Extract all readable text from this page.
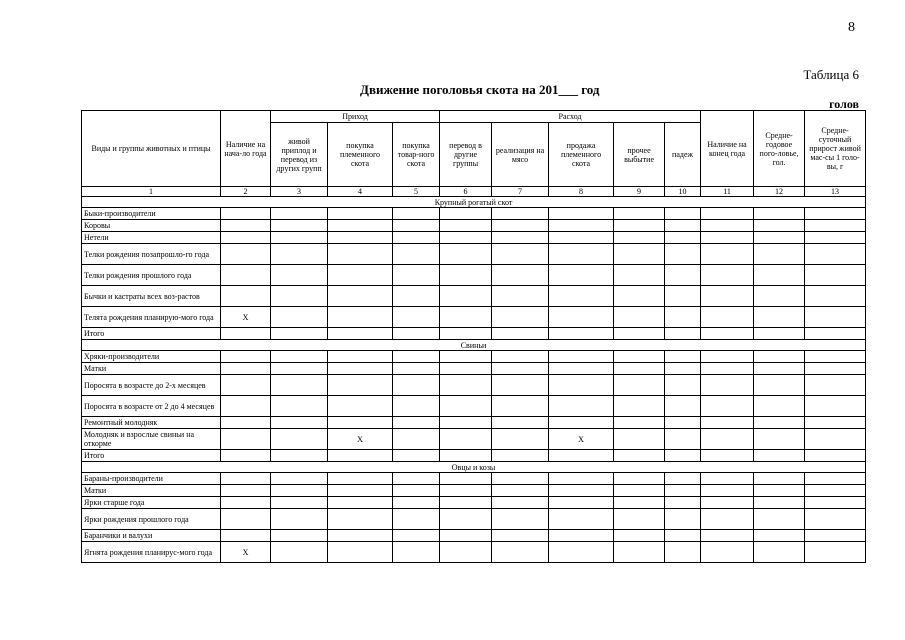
8
Таблица 6
Движение поголовья скота на 201___ год
голов
Виды и группы животных и птицы	Наличие на нача-ло года	Приход			Расход					Наличие на конец года	Средне-годовое пого-ловье, гол.	Средне-суточный прирост живой мас-сы 1 голо-вы, г
		живой приплод и перевод из других групп	покупка племенного скота	покупка товар-ного скота	перевод в другие группы	реализация на мясо	продажа племенного скота	прочее выбытие	падеж			
1	2	3	4	5	6	7	8	9	10	11	12	13
Крупный рогатый скот												
Быки-производители												
Коровы												
Нетели												
Телки рождения позапрошло-го года												
Телки рождения прошлого года												
Бычки и кастраты всех воз-растов												
Телята рождения планирую-мого года	X											
Итого												
Свиньи												
Хряки-производители												
Матки												
Поросята в возрасте до 2-х месяцев												
Поросята в возрасте от 2 до 4 месяцев												
Ремонтный молодняк												
Молодняк и взрослые свиньи на откорме			X				X					
Итого												
Овцы и козы												
Бараны-производители												
Матки												
Ярки старше года												
Ярки рождения прошлого года												
Баранчики и валухи												
Ягнята рождения планирус-мого года	X											
